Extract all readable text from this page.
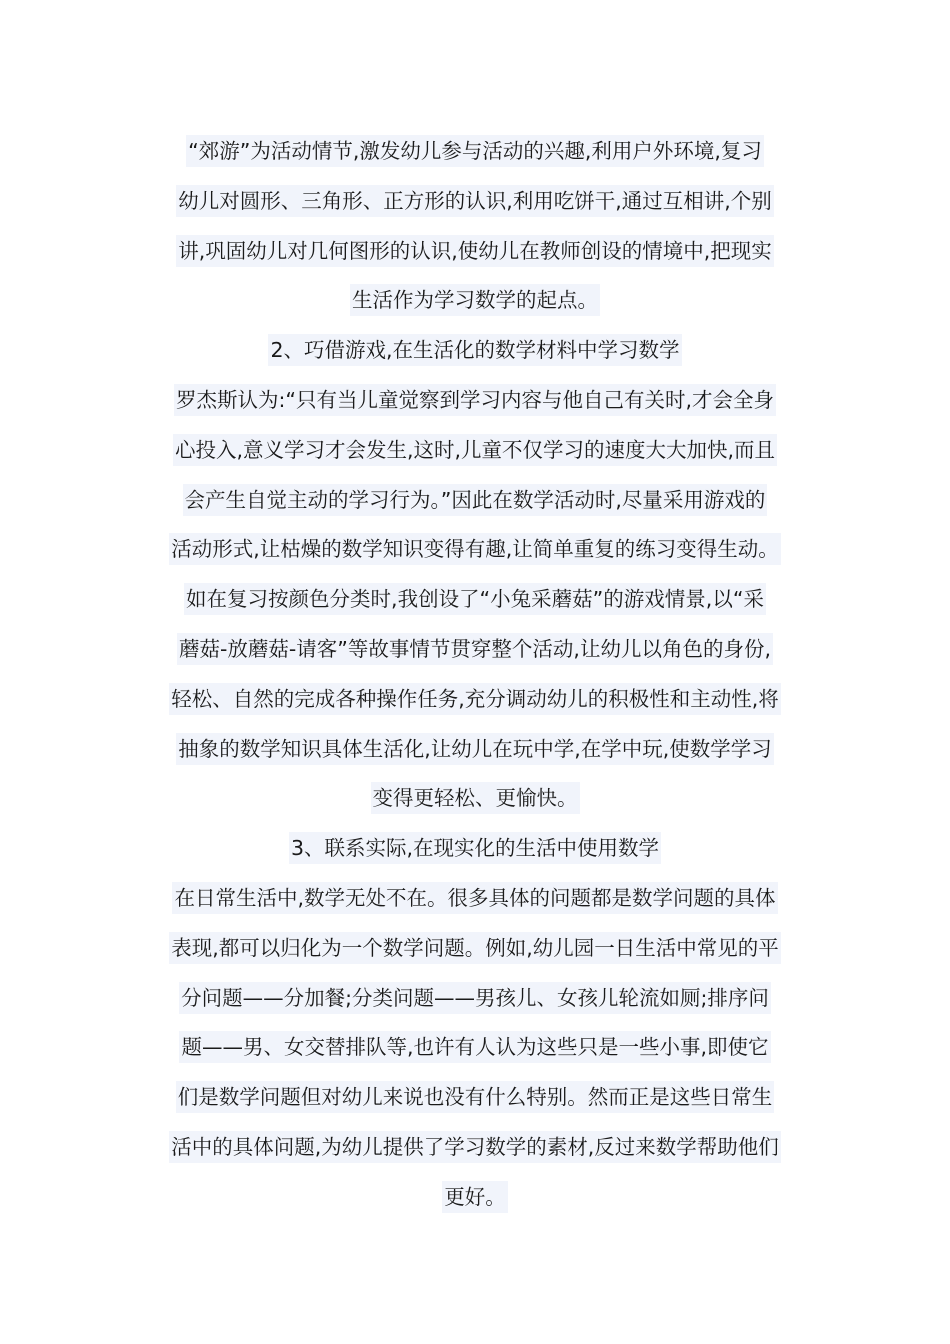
“郊游”为活动情节,激发幼儿参与活动的兴趣,利用户外环境,复习
幼儿对圆形、三角形、正方形的认识,利用吃饼干,通过互相讲,个别
讲,巩固幼儿对几何图形的认识,使幼儿在教师创设的情境中,把现实
生活作为学习数学的起点。
2、巧借游戏,在生活化的数学材料中学习数学
罗杰斯认为:“只有当儿童觉察到学习内容与他自己有关时,才会全身
心投入,意义学习才会发生,这时,儿童不仅学习的速度大大加快,而且
会产生自觉主动的学习行为。”因此在数学活动时,尽量采用游戏的
活动形式,让枯燥的数学知识变得有趣,让简单重复的练习变得生动。
如在复习按颜色分类时,我创设了“小兔采蘑菇”的游戏情景,以“采
蘑菇-放蘑菇-请客”等故事情节贯穿整个活动,让幼儿以角色的身份,
轻松、自然的完成各种操作任务,充分调动幼儿的积极性和主动性,将
抽象的数学知识具体生活化,让幼儿在玩中学,在学中玩,使数学学习
变得更轻松、更愉快。
3、联系实际,在现实化的生活中使用数学
在日常生活中,数学无处不在。很多具体的问题都是数学问题的具体
表现,都可以归化为一个数学问题。例如,幼儿园一日生活中常见的平
分问题——分加餐;分类问题——男孩儿、女孩儿轮流如厕;排序问
题——男、女交替排队等,也许有人认为这些只是一些小事,即使它
们是数学问题但对幼儿来说也没有什么特别。然而正是这些日常生
活中的具体问题,为幼儿提供了学习数学的素材,反过来数学帮助他们
更好。
